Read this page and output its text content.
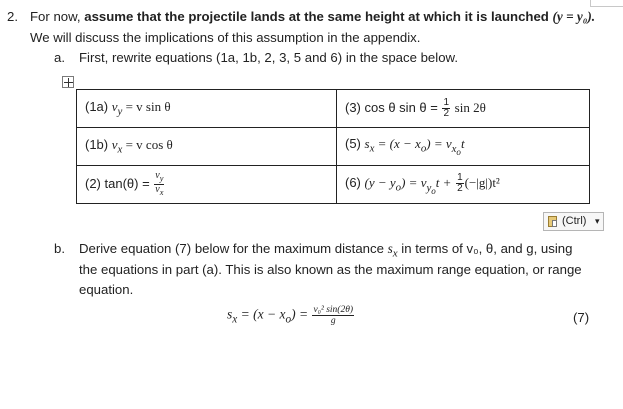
2. For now, assume that the projectile lands at the same height at which it is launched (y = y₀).
We will discuss the implications of this assumption in the appendix.
a. First, rewrite equations (1a, 1b, 2, 3, 5 and 6) in the space below.
(1a) $v_y = v$ sin θ	(3) cos θ $\sin \theta = \frac{1}{2}$ sin 2θ
(1b) $v_x = v$ cos θ	(5) $s_x = (x - x_o) = v_{x_o}t$
(2) $\tan(\theta) = \frac{v_y}{v_x}$	(6) $(y - y_o) = v_{y_o}t + \frac{1}{2} (-|g|)t^2$
(Ctrl) ▾
b. Derive equation (7) below for the maximum distance $s_x$ in terms of v₀, θ, and g, using
the equations in part (a). This is also known as the maximum range equation, or range
equation.
$s_x = (x - x_o) = \frac{\text{v₀² sin(2θ)}}{g}$	(7)
